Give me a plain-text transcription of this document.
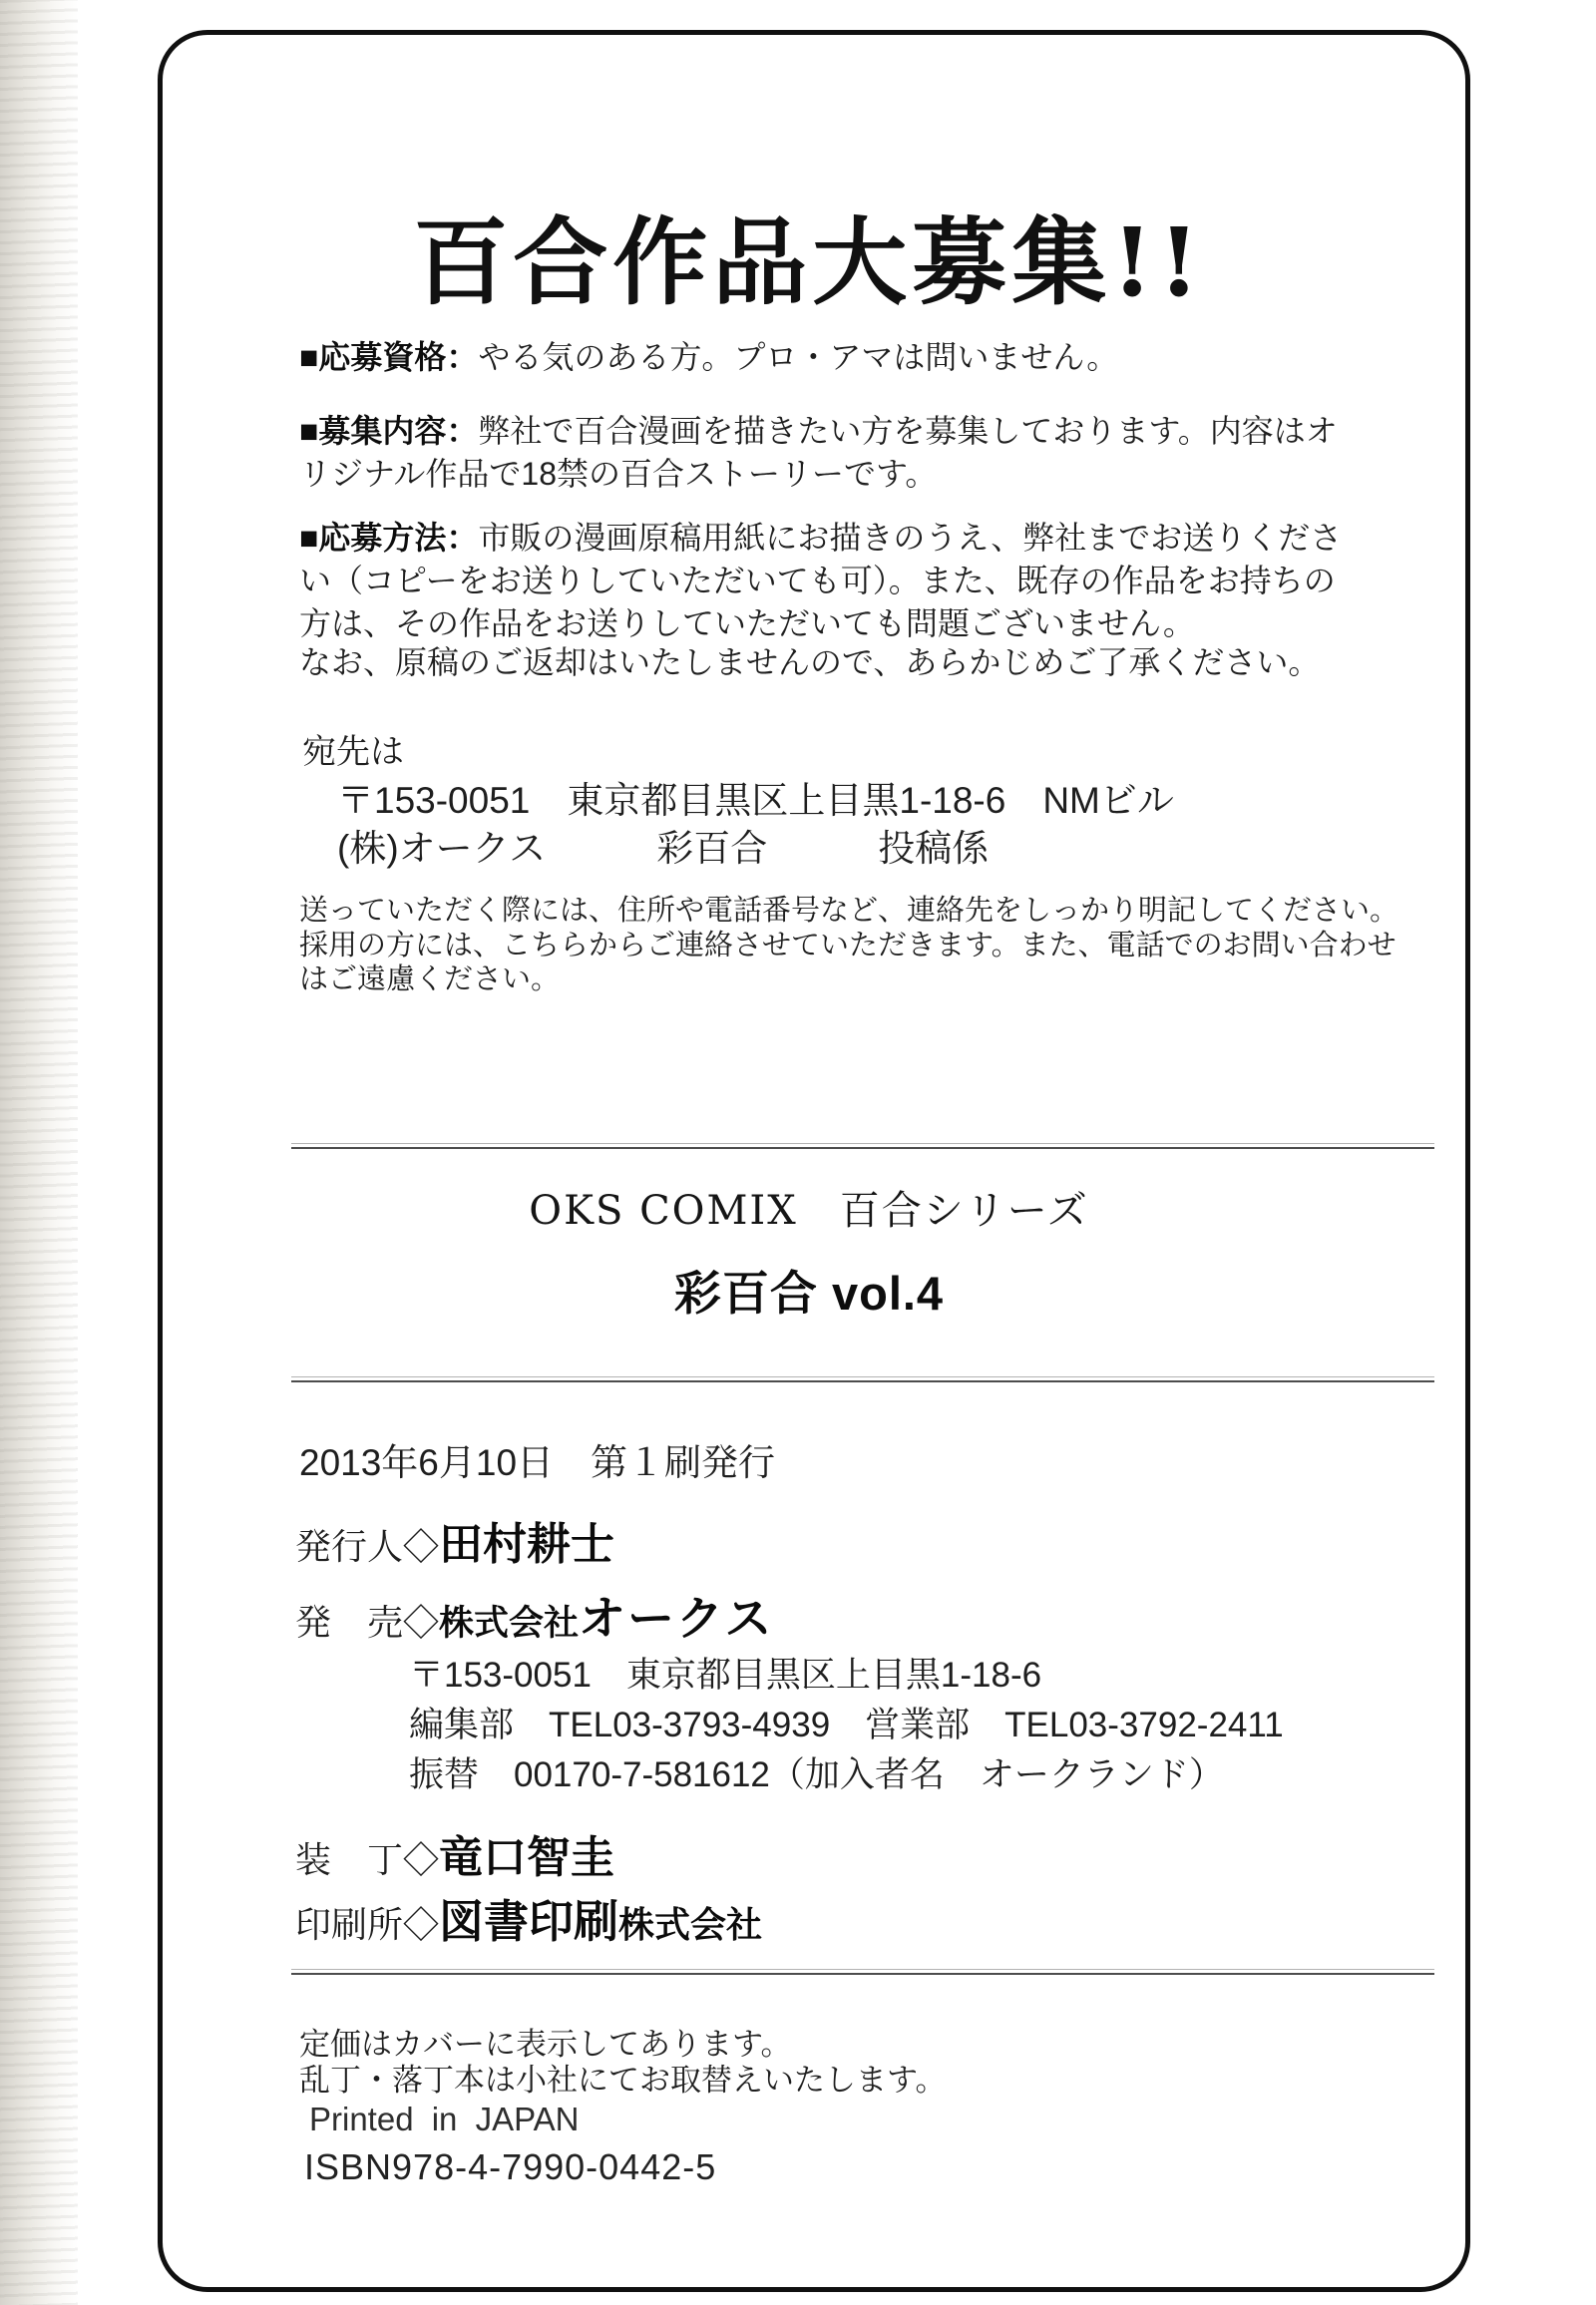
百合作品大募集!!
■応募資格：やる気のある方。プロ・アマは問いません。
■募集内容：弊社で百合漫画を描きたい方を募集しております。内容はオ
リジナル作品で18禁の百合ストーリーです。
■応募方法：市販の漫画原稿用紙にお描きのうえ、弊社までお送りくださ
い（コピーをお送りしていただいても可）。また、既存の作品をお持ちの
方は、その作品をお送りしていただいても問題ございません。
なお、原稿のご返却はいたしませんので、あらかじめご了承ください。
宛先は
〒153-0051　東京都目黒区上目黒1-18-6　NMビル
(株)オークス　　　彩百合　　　投稿係
送っていただく際には、住所や電話番号など、連絡先をしっかり明記してください。
採用の方には、こちらからご連絡させていただきます。また、電話でのお問い合わせ
はご遠慮ください。
OKS COMIX　百合シリーズ
彩百合 vol.4
2013年6月10日　第１刷発行
発行人◇ 田村耕士
発　売◇ 株式会社 オークス
〒153-0051　東京都目黒区上目黒1-18-6
編集部　TEL03-3793-4939　営業部　TEL03-3792-2411
振替　00170-7-581612（加入者名　オークランド）
装　丁◇ 竜口智圭
印刷所◇ 図書印刷 株式会社
定価はカバーに表示してあります。
乱丁・落丁本は小社にてお取替えいたします。
Printed in JAPAN
ISBN978-4-7990-0442-5
